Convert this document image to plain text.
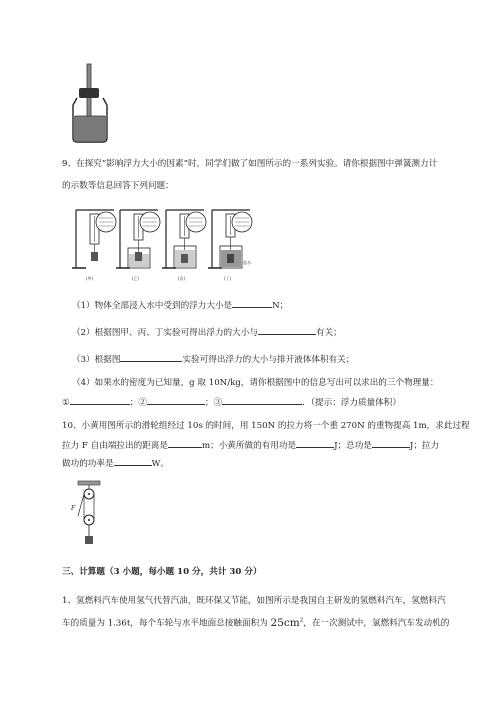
9、在探究“影响浮力大小的因素”时，同学们做了如图所示的一系列实验。请你根据图中弹簧测力计
的示数等信息回答下列问题：
(甲)	(乙)	(丙)
盐水
(丁)
（1）物体全部浸入水中受到的浮力大小是	N；
（2）根据图甲、丙、丁实验可得出浮力的大小与	有关；
（3）根据图	实验可得出浮力的大小与排开液体体积有关；
（4）如果水的密度为已知量，g 取 10N/kg，请你根据图中的信息写出可以求出的三个物理量：
①	；②	；③	．（提示：浮力质量体积）
10、小黄用图所示的滑轮组经过 10s 的时间，用 150N 的拉力将一个重 270N 的重物提高 1m，求此过程
拉力 F 自由端拉出的距离是	m；小黄所做的有用功是	J；总功是	J；拉力
做功的功率是	W。
F
三、计算题（3 小题，每小题 10 分，共计 30 分）
1、氢燃料汽车使用氢气代替汽油，既环保又节能，如图所示是我国自主研发的氢燃料汽车，氢燃料汽
车的质量为 1.36t，每个车轮与水平地面总接触面积为 $25cm^2$，在一次测试中，氢燃料汽车发动机的
